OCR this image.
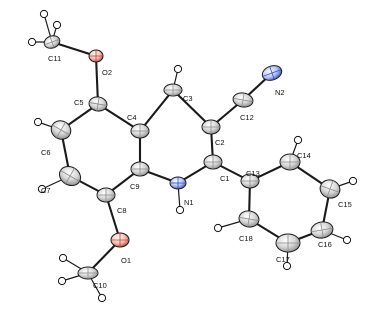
C11
O2
C5
C4
C3
C12
N2
C2
C6
C7
C8
C9
N1
C1
C13
C14
C15
C16
C17
C18
O1
C10
